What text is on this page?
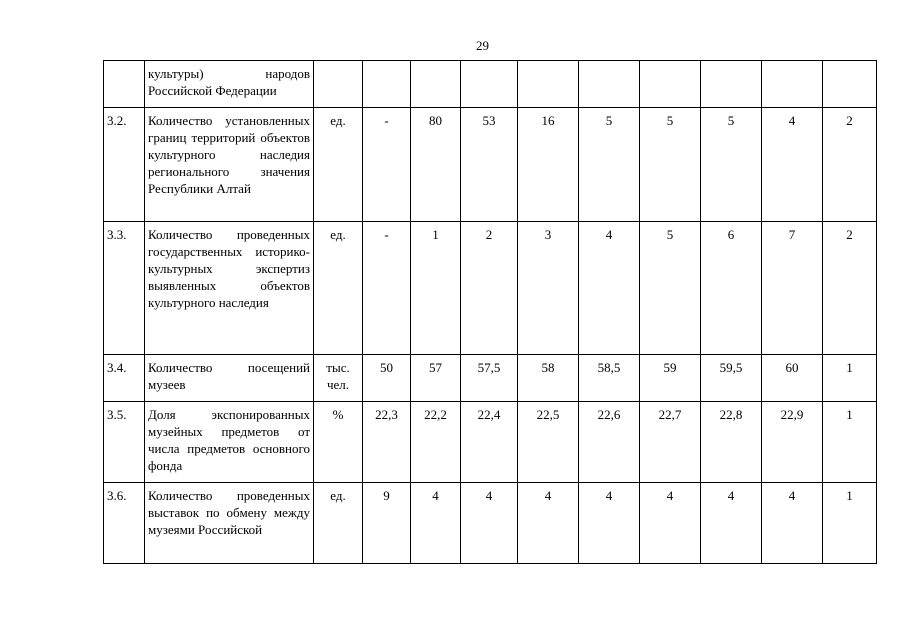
29
	культуры) народов Российской Федерации										
3.2.	Количество установленных границ территорий объектов культурного наследия регионального значения Республики Алтай	ед.	-	80	53	16	5	5	5	4	2
3.3.	Количество проведенных государственных историко-культурных экспертиз выявленных объектов культурного наследия	ед.	-	1	2	3	4	5	6	7	2
3.4.	Количество посещений музеев	тыс. чел.	50	57	57,5	58	58,5	59	59,5	60	1
3.5.	Доля экспонированных музейных предметов от числа предметов основного фонда	%	22,3	22,2	22,4	22,5	22,6	22,7	22,8	22,9	1
3.6.	Количество проведенных выставок по обмену между музеями Российской	ед.	9	4	4	4	4	4	4	4	1
